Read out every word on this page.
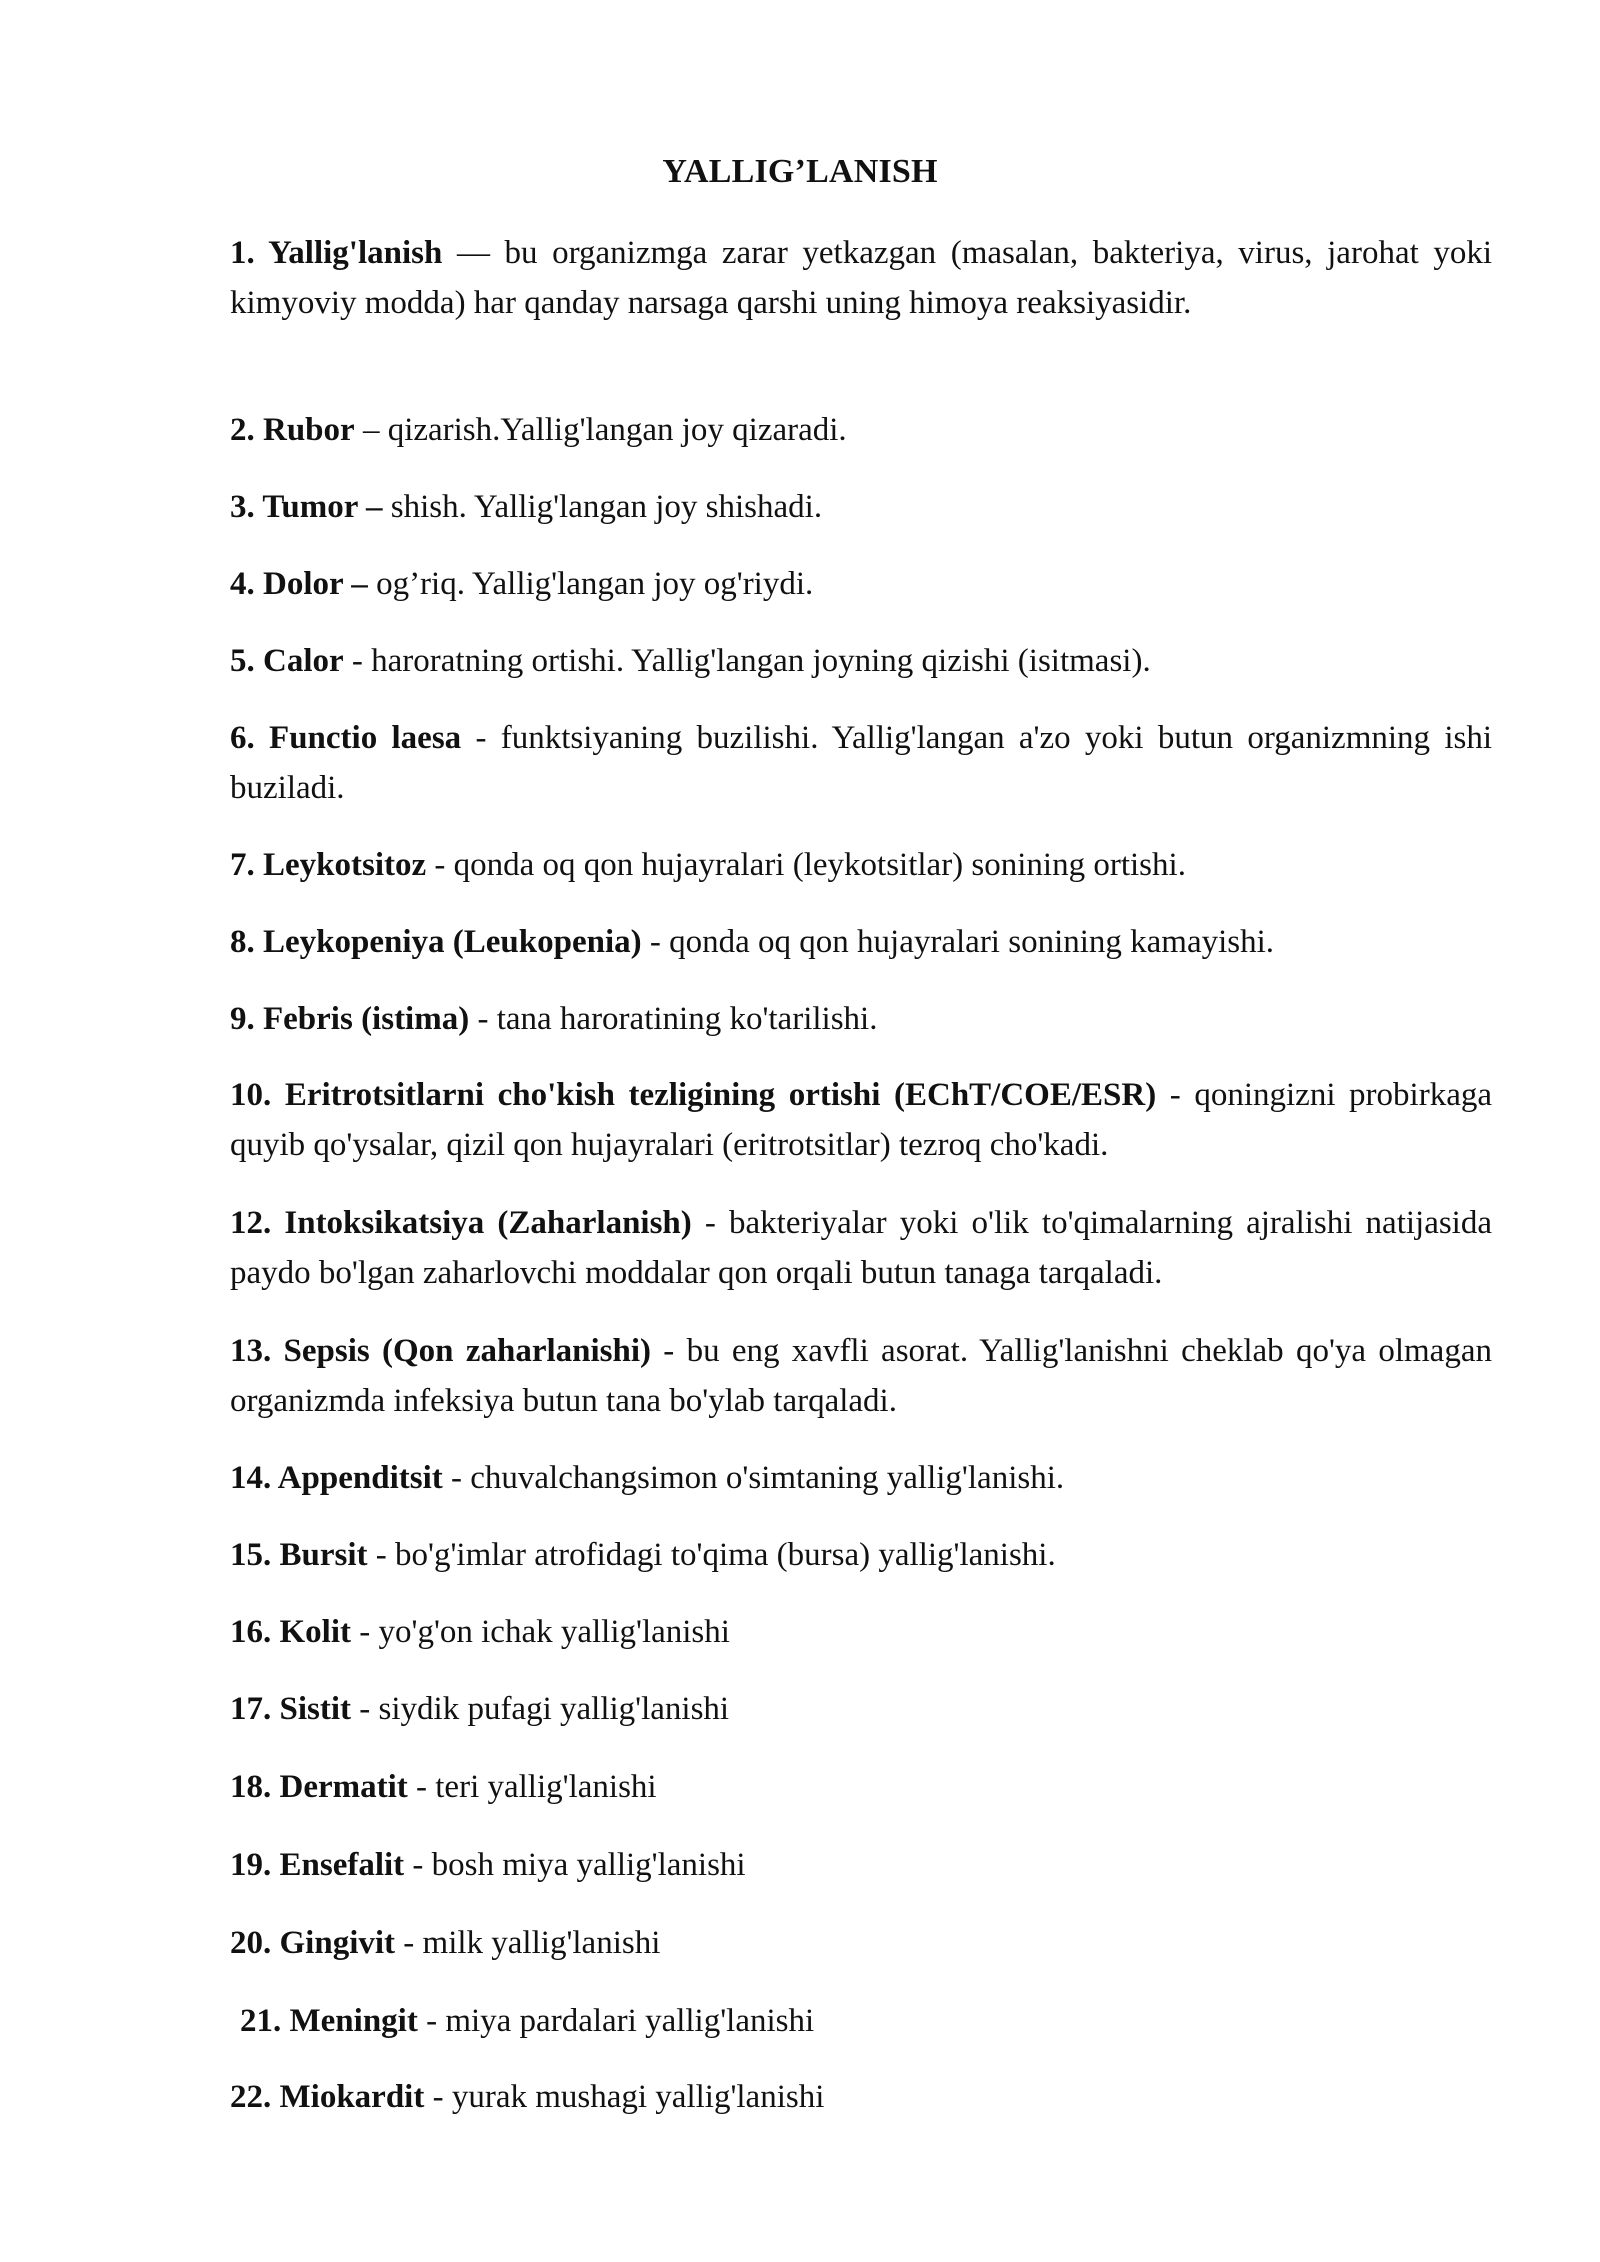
YALLIG’LANISH

1. Yallig'lanish — bu organizmga zarar yetkazgan (masalan, bakteriya, virus, jarohat yoki kimyoviy modda) har qanday narsaga qarshi uning himoya reaksiyasidir.

2. Rubor – qizarish.Yallig'langan joy qizaradi.

3. Tumor – shish. Yallig'langan joy shishadi.

4. Dolor – og’riq. Yallig'langan joy og'riydi.

5. Calor - haroratning ortishi. Yallig'langan joyning qizishi (isitmasi).

6. Functio laesa - funktsiyaning buzilishi. Yallig'langan a'zo yoki butun organizmning ishi buziladi.

7. Leykotsitoz - qonda oq qon hujayralari (leykotsitlar) sonining ortishi.

8. Leykopeniya (Leukopenia) - qonda oq qon hujayralari sonining kamayishi.

9. Febris (istima) - tana haroratining ko'tarilishi.

10. Eritrotsitlarni cho'kish tezligining ortishi (EChT/COE/ESR) - qoningizni probirkaga quyib qo'ysalar, qizil qon hujayralari (eritrotsitlar) tezroq cho'kadi.

12. Intoksikatsiya (Zaharlanish) - bakteriyalar yoki o'lik to'qimalarning ajralishi natijasida paydo bo'lgan zaharlovchi moddalar qon orqali butun tanaga tarqaladi.

13. Sepsis (Qon zaharlanishi) - bu eng xavfli asorat. Yallig'lanishni cheklab qo'ya olmagan organizmda infeksiya butun tana bo'ylab tarqaladi.

14. Appenditsit - chuvalchangsimon o'simtaning yallig'lanishi.

15. Bursit - bo'g'imlar atrofidagi to'qima (bursa) yallig'lanishi.

16. Kolit - yo'g'on ichak yallig'lanishi

17. Sistit - siydik pufagi yallig'lanishi

18. Dermatit - teri yallig'lanishi

19. Ensefalit - bosh miya yallig'lanishi

20. Gingivit - milk yallig'lanishi

21. Meningit - miya pardalari yallig'lanishi

22. Miokardit - yurak mushagi yallig'lanishi
